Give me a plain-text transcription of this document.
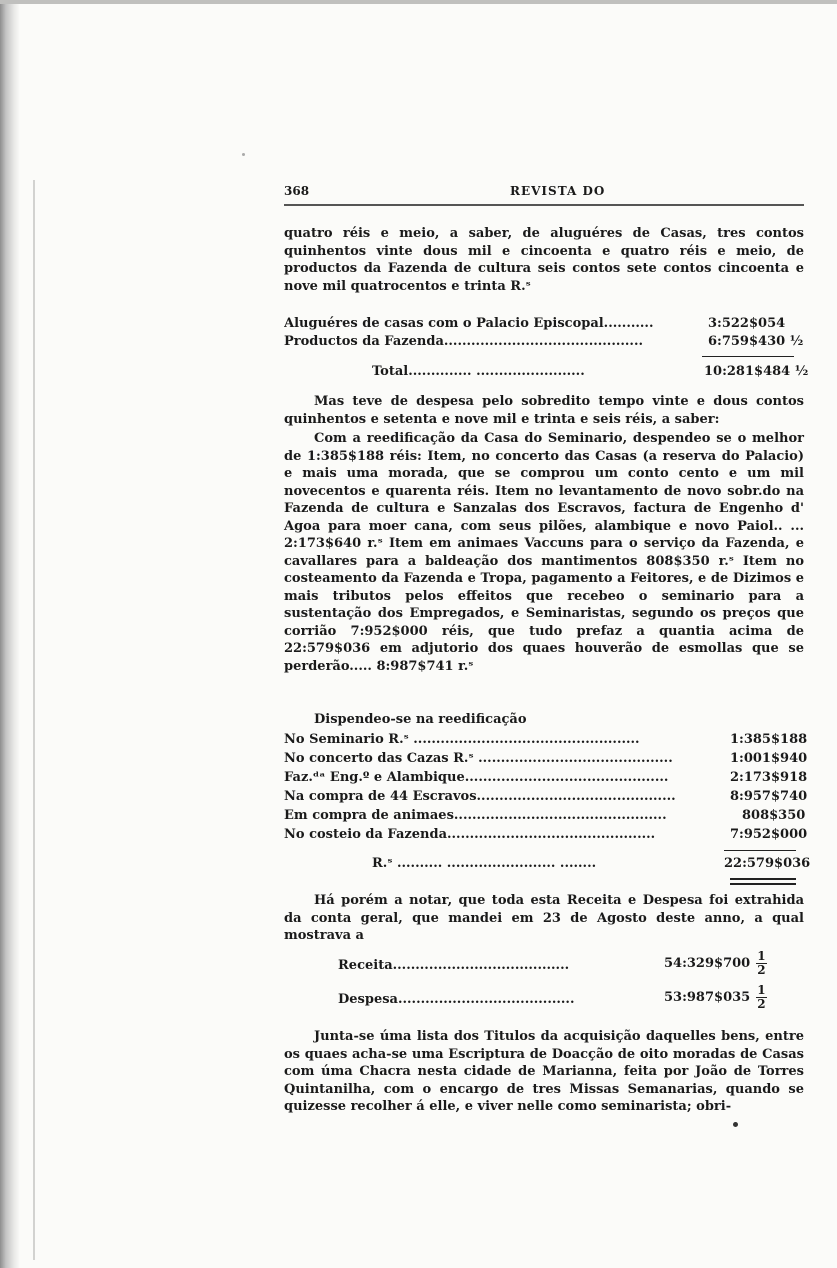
368	REVISTA DO
quatro réis e meio, a saber, de aluguéres de Casas, tres contos quinhentos vinte dous mil e cincoenta e quatro réis e meio, de productos da Fazenda de cultura seis contos sete contos cincoenta e nove mil quatrocentos e trinta R.ˢ
Aluguéres de casas com o Palacio Episcopal...........	3:522$054
Productos da Fazenda............................................	6:759$430 ½
Total.............. ........................	10:281$484 ½
Mas teve de despesa pelo sobredito tempo vinte e dous contos quinhentos e setenta e nove mil e trinta e seis réis, a saber:
Com a reedificação da Casa do Seminario, despendeo se o melhor de 1:385$188 réis: Item, no concerto das Casas (a reserva do Palacio) e mais uma morada, que se comprou um conto cento e um mil novecentos e quarenta réis. Item no levantamento de novo sobr.do na Fazenda de cultura e Sanzalas dos Escravos, factura de Engenho d' Agoa para moer cana, com seus pilões, alambique e novo Paiol.. ... 2:173$640 r.ˢ Item em animaes Vaccuns para o serviço da Fazenda, e cavallares para a baldeação dos mantimentos 808$350 r.ˢ Item no costeamento da Fazenda e Tropa, pagamento a Feitores, e de Dizimos e mais tributos pelos effeitos que recebeo o seminario para a sustentação dos Empregados, e Seminaristas, segundo os preços que corrião 7:952$000 réis, que tudo prefaz a quantia acima de 22:579$036 em adjutorio dos quaes houverão de esmollas que se perderão..... 8:987$741 r.ˢ
Dispendeo-se na reedificação
No Seminario R.ˢ ..................................................	1:385$188
No concerto das Cazas R.ˢ ...........................................	1:001$940
Faz.ᵈᵃ Eng.º e Alambique.............................................	2:173$918
Na compra de 44 Escravos............................................	8:957$740
Em compra de animaes...............................................	808$350
No costeio da Fazenda..............................................	7:952$000
R.ˢ .......... ........................ ........	22:579$036
Há porém a notar, que toda esta Receita e Despesa foi extrahida da conta geral, que mandei em 23 de Agosto deste anno, a qual mostrava a
Receita.......................................	54:329$700 $\frac{1}{2}$
Despesa.......................................	53:987$035 $\frac{1}{2}$
Junta-se úma lista dos Titulos da acquisição daquelles bens, entre os quaes acha-se uma Escriptura de Doacção de oito moradas de Casas com úma Chacra nesta cidade de Marianna, feita por João de Torres Quintanilha, com o encargo de tres Missas Semanarias, quando se quizesse recolher á elle, e viver nelle como seminarista; obri-
